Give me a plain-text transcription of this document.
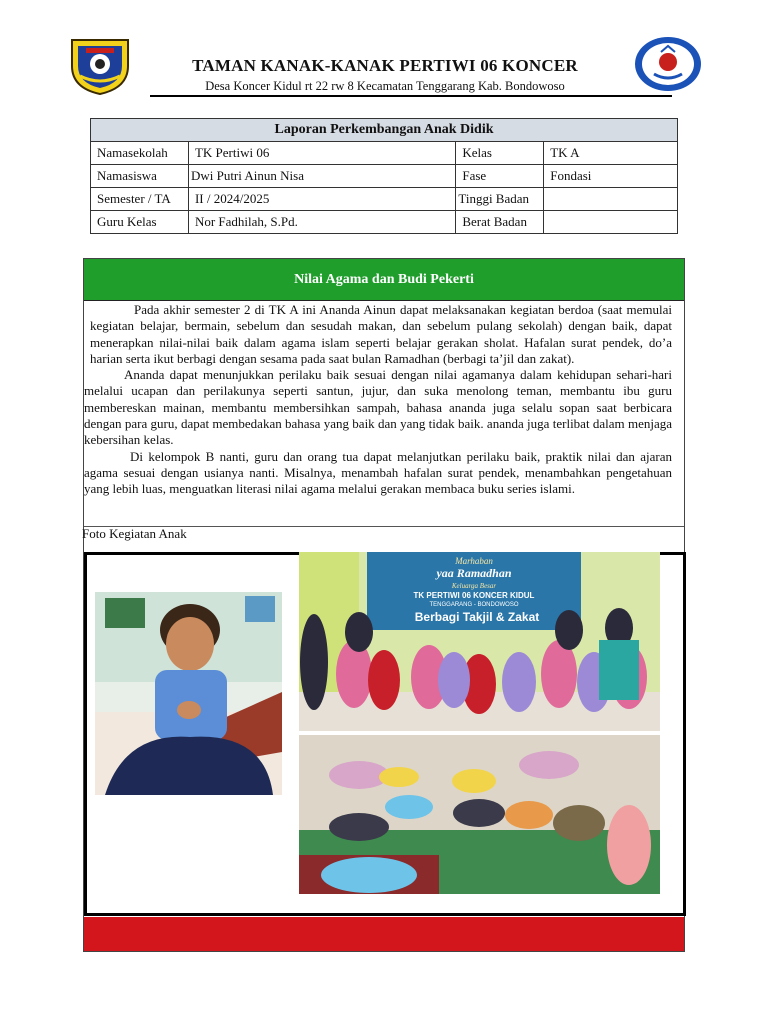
TAMAN KANAK-KANAK PERTIWI 06 KONCER
Desa Koncer Kidul rt 22 rw 8 Kecamatan Tenggarang Kab. Bondowoso
Laporan Perkembangan Anak Didik			
Namasekolah	TK Pertiwi 06	Kelas	TK A
Namasiswa	Dwi Putri Ainun Nisa	Fase	Fondasi
Semester / TA	II / 2024/2025	Tinggi Badan	
Guru Kelas	Nor Fadhilah, S.Pd.	Berat Badan	
Nilai Agama dan Budi Pekerti

Pada akhir semester 2 di TK A ini Ananda Ainun dapat melaksanakan kegiatan berdoa (saat memulai kegiatan belajar, bermain, sebelum dan sesudah makan, dan sebelum pulang sekolah) dengan baik, dapat menerapkan nilai-nilai baik dalam agama islam seperti belajar gerakan sholat. Hafalan surat pendek, do’a harian serta ikut berbagi dengan sesama pada saat bulan Ramadhan (berbagi ta’jil dan zakat).

Ananda dapat menunjukkan perilaku baik sesuai dengan nilai agamanya dalam kehidupan sehari-hari melalui ucapan dan perilakunya seperti santun, jujur, dan suka menolong teman, membantu ibu guru membereskan mainan, membantu membersihkan sampah, bahasa ananda juga selalu sopan saat berbicara dengan para guru, dapat membedakan bahasa yang baik dan yang tidak baik. ananda juga terlibat dalam menjaga kebersihan kelas.

Di kelompok B nanti, guru dan orang tua dapat melanjutkan perilaku baik, praktik nilai dan ajaran agama sesuai dengan usianya nanti. Misalnya, menambah hafalan surat pendek, menambahkan pengetahuan yang lebih luas, menguatkan literasi nilai agama melalui gerakan membaca buku series islami.

Foto Kegiatan Anak
Marhaban
yaa Ramadhan
Keluarga Besar
TK PERTIWI 06 KONCER KIDUL
TENGGARANG - BONDOWOSO
Berbagi Takjil & Zakat
